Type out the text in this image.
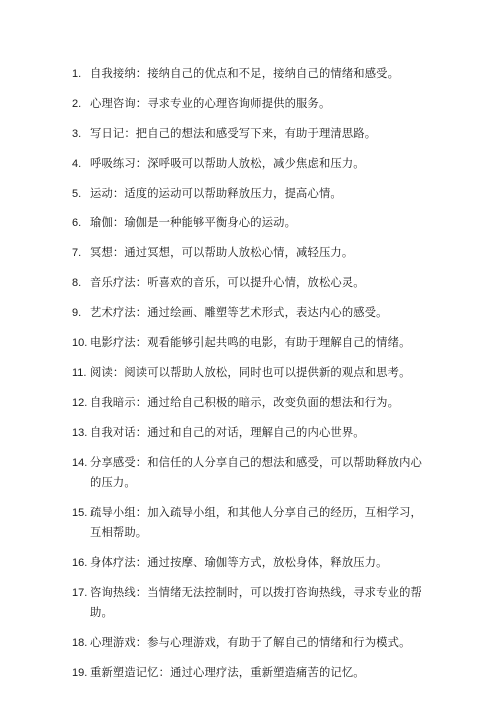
1. 自我接纳：接纳自己的优点和不足，接纳自己的情绪和感受。
2. 心理咨询：寻求专业的心理咨询师提供的服务。
3. 写日记：把自己的想法和感受写下来，有助于理清思路。
4. 呼吸练习：深呼吸可以帮助人放松，减少焦虑和压力。
5. 运动：适度的运动可以帮助释放压力，提高心情。
6. 瑜伽：瑜伽是一种能够平衡身心的运动。
7. 冥想：通过冥想，可以帮助人放松心情，减轻压力。
8. 音乐疗法：听喜欢的音乐，可以提升心情，放松心灵。
9. 艺术疗法：通过绘画、雕塑等艺术形式，表达内心的感受。
10. 电影疗法：观看能够引起共鸣的电影，有助于理解自己的情绪。
11. 阅读：阅读可以帮助人放松，同时也可以提供新的观点和思考。
12. 自我暗示：通过给自己积极的暗示，改变负面的想法和行为。
13. 自我对话：通过和自己的对话，理解自己的内心世界。
14. 分享感受：和信任的人分享自己的想法和感受，可以帮助释放内心的压力。
15. 疏导小组：加入疏导小组，和其他人分享自己的经历，互相学习，互相帮助。
16. 身体疗法：通过按摩、瑜伽等方式，放松身体，释放压力。
17. 咨询热线：当情绪无法控制时，可以拨打咨询热线，寻求专业的帮助。
18. 心理游戏：参与心理游戏，有助于了解自己的情绪和行为模式。
19. 重新塑造记忆：通过心理疗法，重新塑造痛苦的记忆。
